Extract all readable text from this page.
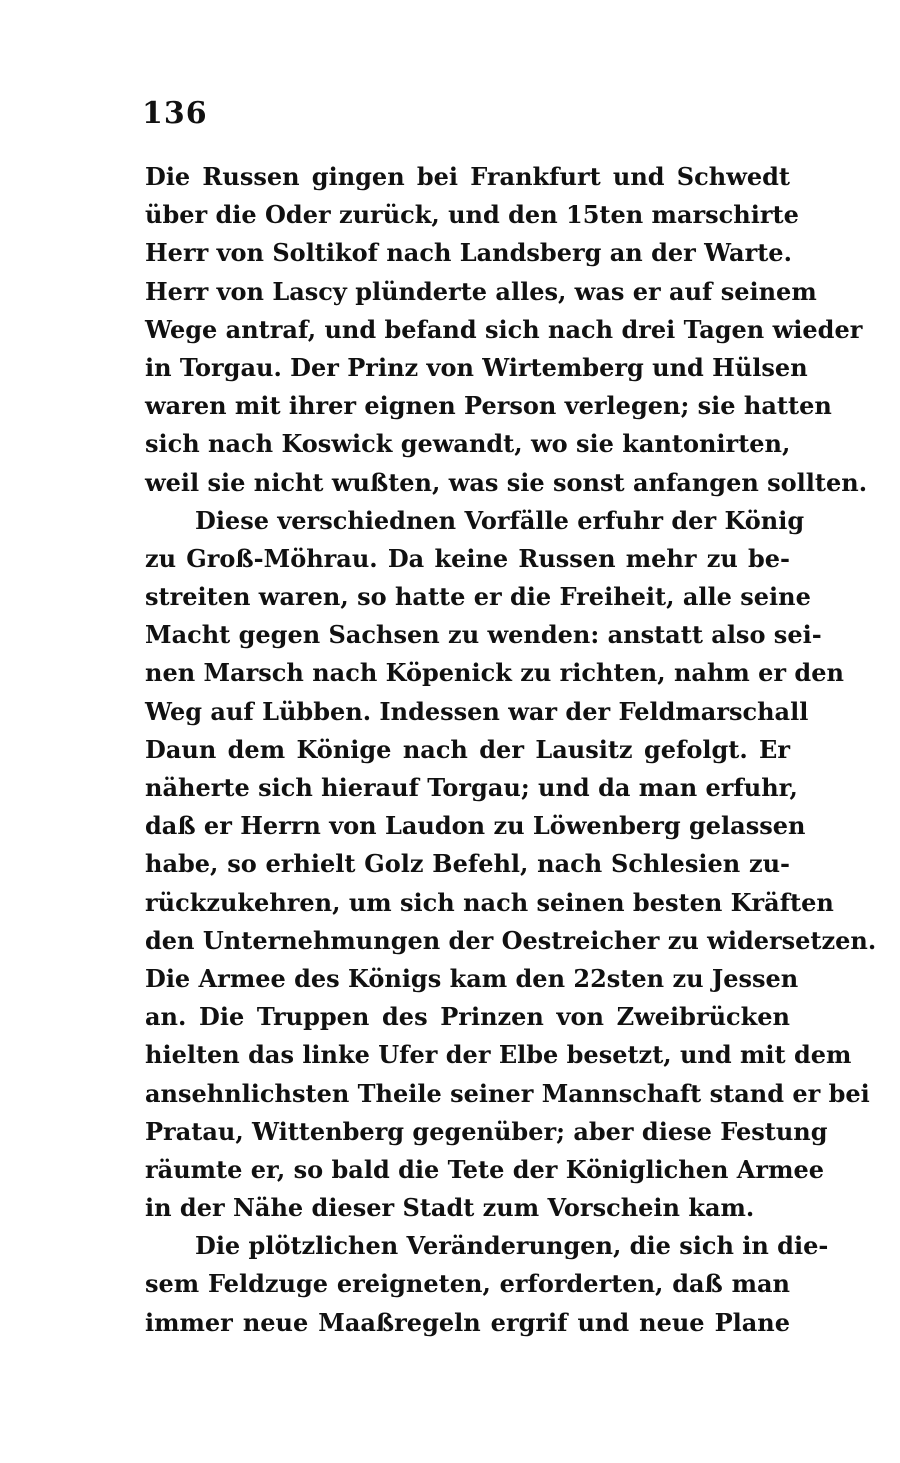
136
Die Russen gingen bei Frankfurt und Schwedt
über die Oder zurück, und den 15ten marschirte
Herr von Soltikof nach Landsberg an der Warte.
Herr von Lascy plünderte alles, was er auf seinem
Wege antraf, und befand sich nach drei Tagen wieder
in Torgau. Der Prinz von Wirtemberg und Hülsen
waren mit ihrer eignen Person verlegen; sie hatten
sich nach Koswick gewandt, wo sie kantonirten,
weil sie nicht wußten, was sie sonst anfangen sollten.
Diese verschiednen Vorfälle erfuhr der König
zu Groß-Möhrau. Da keine Russen mehr zu be-
streiten waren, so hatte er die Freiheit, alle seine
Macht gegen Sachsen zu wenden: anstatt also sei-
nen Marsch nach Köpenick zu richten, nahm er den
Weg auf Lübben. Indessen war der Feldmarschall
Daun dem Könige nach der Lausitz gefolgt. Er
näherte sich hierauf Torgau; und da man erfuhr,
daß er Herrn von Laudon zu Löwenberg gelassen
habe, so erhielt Golz Befehl, nach Schlesien zu-
rückzukehren, um sich nach seinen besten Kräften
den Unternehmungen der Oestreicher zu widersetzen.
Die Armee des Königs kam den 22sten zu Jessen
an. Die Truppen des Prinzen von Zweibrücken
hielten das linke Ufer der Elbe besetzt, und mit dem
ansehnlichsten Theile seiner Mannschaft stand er bei
Pratau, Wittenberg gegenüber; aber diese Festung
räumte er, so bald die Tete der Königlichen Armee
in der Nähe dieser Stadt zum Vorschein kam.
Die plötzlichen Veränderungen, die sich in die-
sem Feldzuge ereigneten, erforderten, daß man
immer neue Maaßregeln ergrif und neue Plane
